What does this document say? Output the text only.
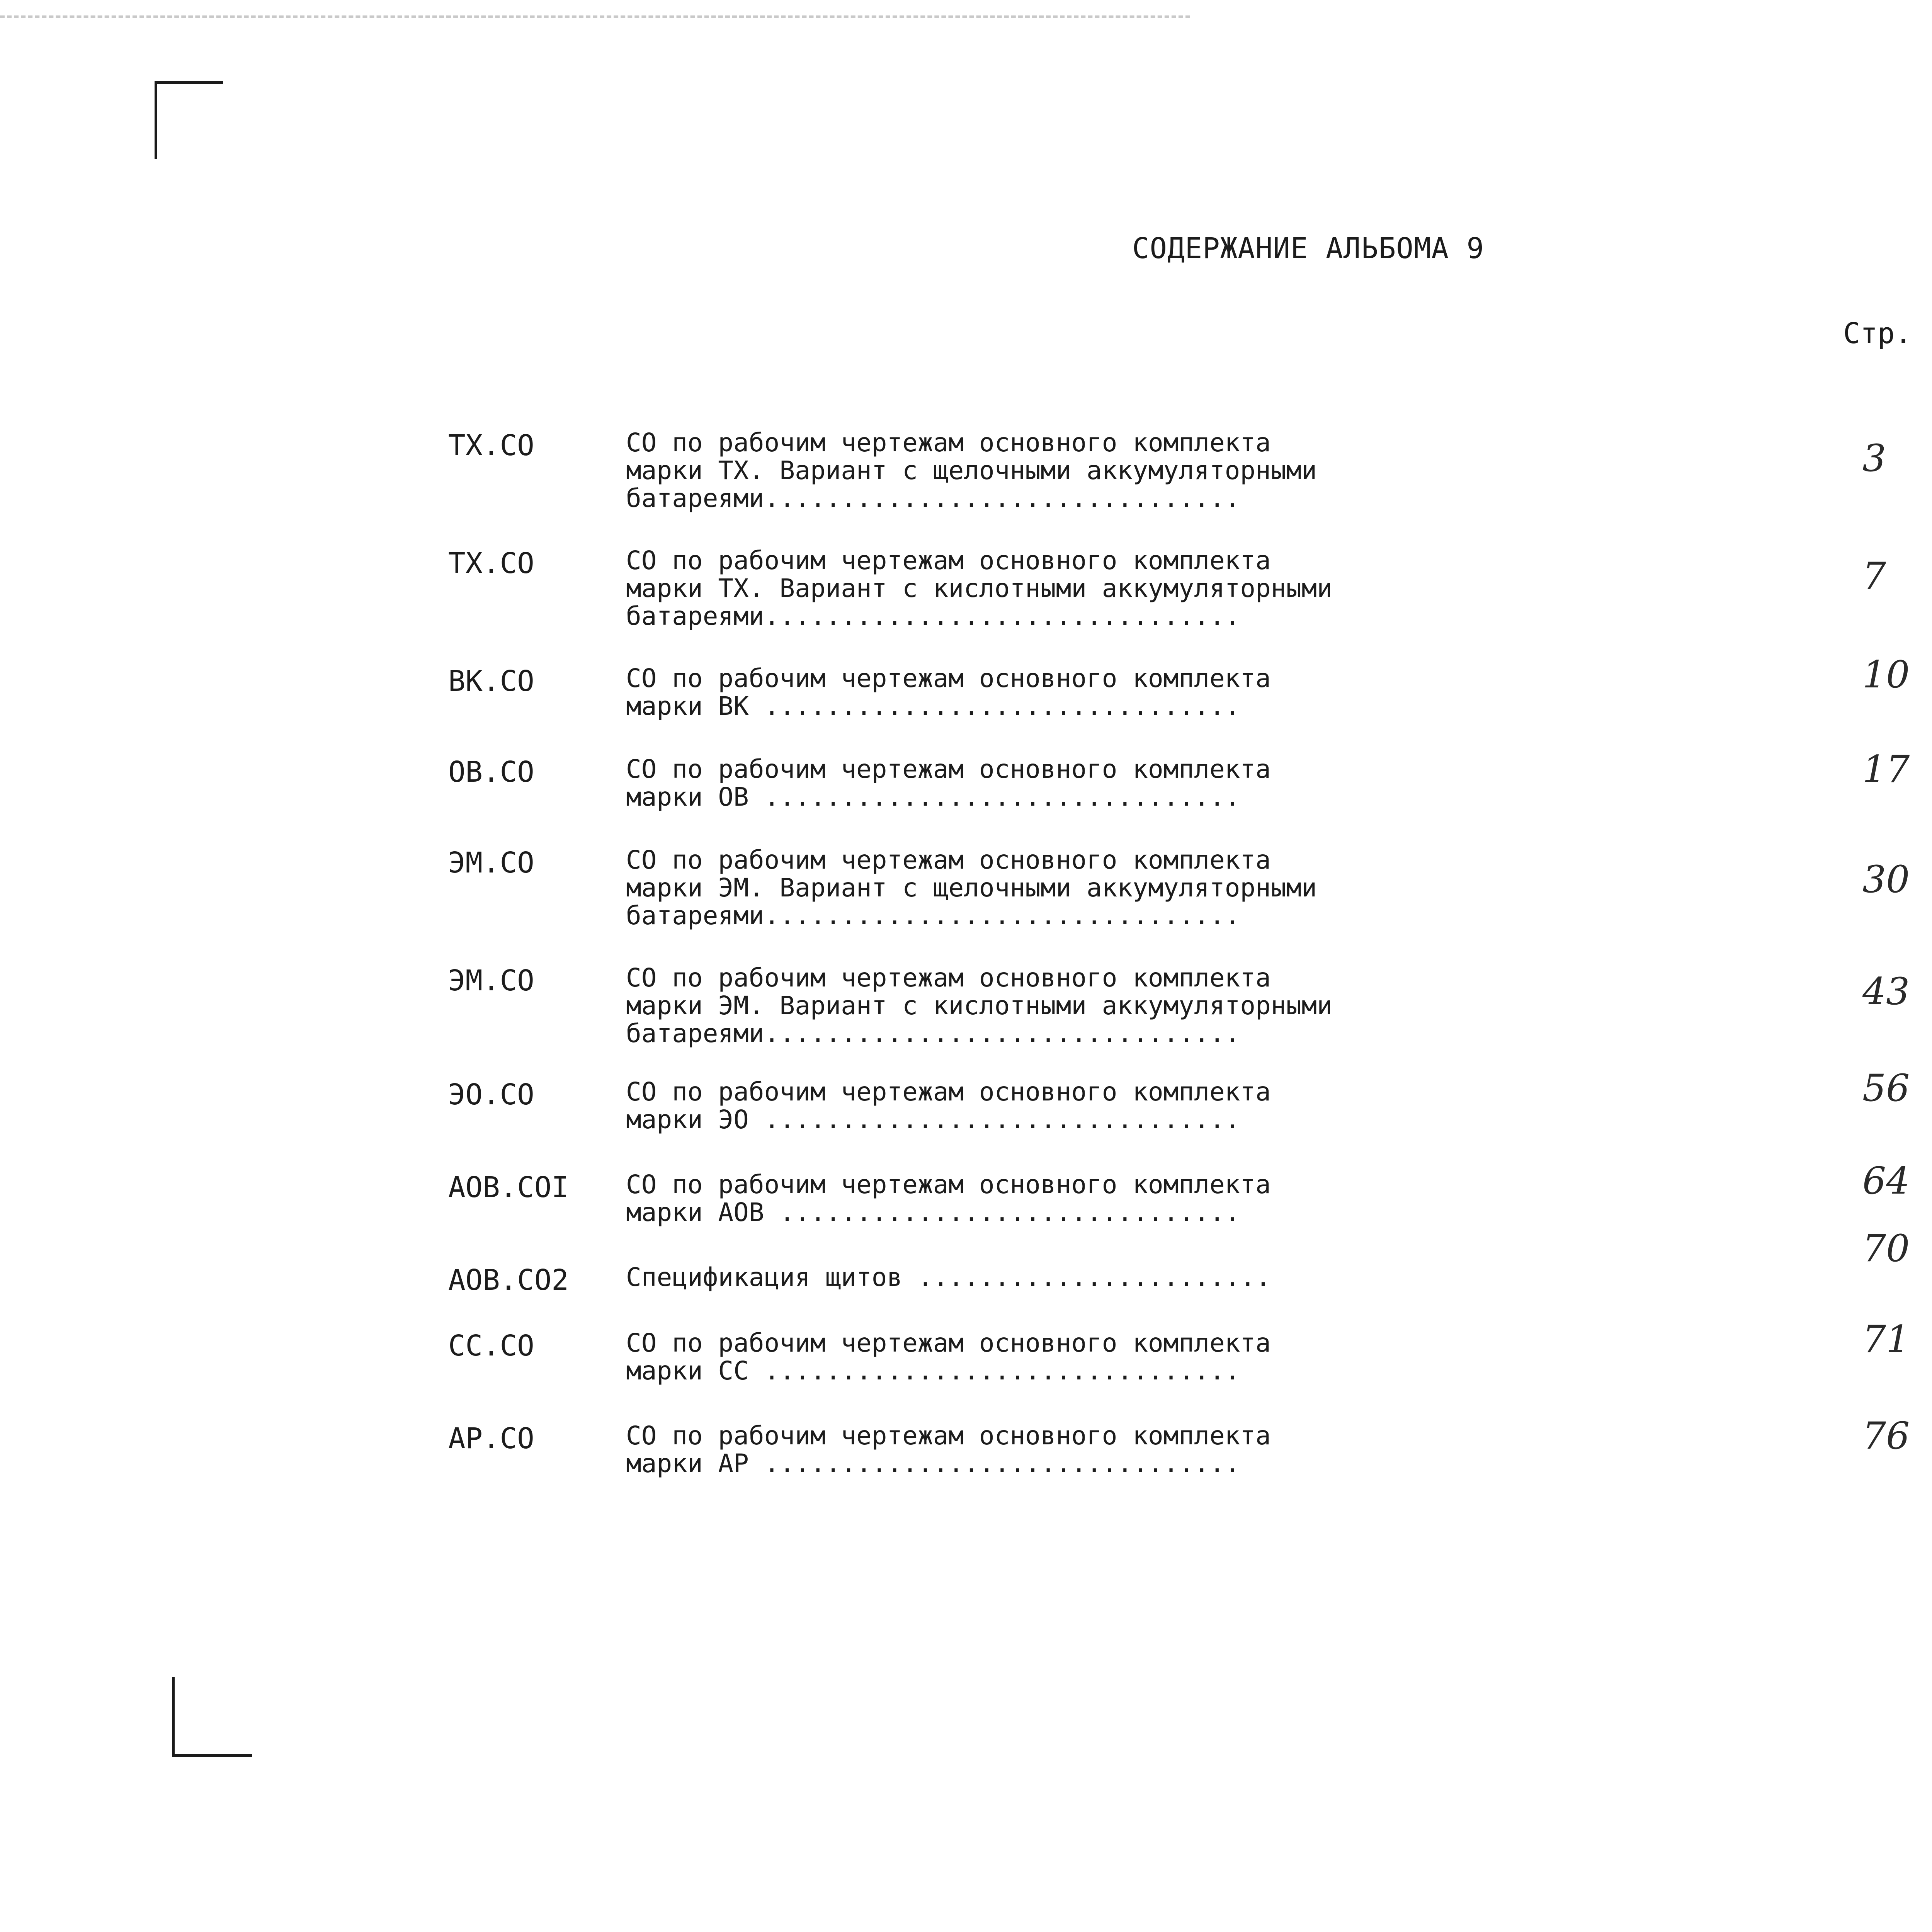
СОДЕРЖАНИЕ АЛЬБОМА 9
Стр.
ТХ.СО	СО по рабочим чертежам основного комплекта
марки ТХ. Вариант с щелочными аккумуляторными
батареями...............................
3
ТХ.СО	СО по рабочим чертежам основного комплекта
марки ТХ. Вариант с кислотными аккумуляторными
батареями...............................
7
ВК.СО	СО по рабочим чертежам основного комплекта
марки ВК ...............................
10
ОВ.СО	СО по рабочим чертежам основного комплекта
марки ОВ ...............................
17
ЭМ.СО	СО по рабочим чертежам основного комплекта
марки ЭМ. Вариант с щелочными аккумуляторными
батареями...............................
30
ЭМ.СО	СО по рабочим чертежам основного комплекта
марки ЭМ. Вариант с кислотными аккумуляторными
батареями...............................
43
ЭО.СО	СО по рабочим чертежам основного комплекта
марки ЭО ...............................
56
АОВ.СОI СО по рабочим чертежам основного комплекта
марки АОВ ..............................
64
АОВ.СО2 Спецификация щитов .......................
70
СС.СО	СО по рабочим чертежам основного комплекта
марки СС ...............................
71
АР.СО	СО по рабочим чертежам основного комплекта
марки АР ...............................
76
